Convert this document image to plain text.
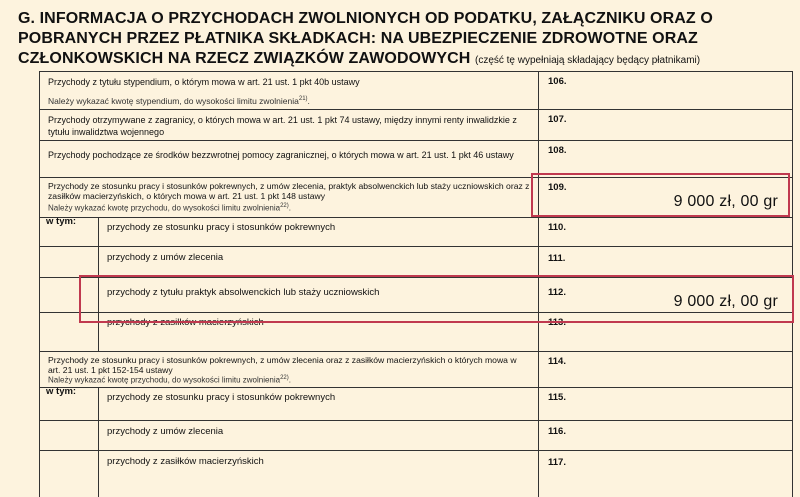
G. INFORMACJA O PRZYCHODACH ZWOLNIONYCH OD PODATKU, ZAŁĄCZNIKU ORAZ O POBRANYCH PRZEZ PŁATNIKA SKŁADKACH: NA UBEZPIECZENIE ZDROWOTNE ORAZ CZŁONKOWSKICH NA RZECZ ZWIĄZKÓW ZAWODOWYCH (część tę wypełniają składający będący płatnikami)
Przychody z tytułu stypendium, o którym mowa w art. 21 ust. 1 pkt 40b ustawy
Należy wykazać kwotę stypendium, do wysokości limitu zwolnienia$^{21)}$.
106.
Przychody otrzymywane z zagranicy, o których mowa w art. 21 ust. 1 pkt 74 ustawy, między innymi renty inwalidzkie z tytułu inwalidztwa wojennego
107.
Przychody pochodzące ze środków bezzwrotnej pomocy zagranicznej, o których mowa w art. 21 ust. 1 pkt 46 ustawy	108.
Przychody ze stosunku pracy i stosunków pokrewnych, z umów zlecenia, praktyk absolwenckich lub staży uczniowskich oraz z zasiłków macierzyńskich, o których mowa w art. 21 ust. 1 pkt 148 ustawy
Należy wykazać kwotę przychodu, do wysokości limitu zwolnienia$^{22)}$.
109.
9 000 zł, 00 gr
w tym:
przychody ze stosunku pracy i stosunków pokrewnych	110.
przychody z umów zlecenia	111.
przychody z tytułu praktyk absolwenckich lub staży uczniowskich	112.
9 000 zł, 00 gr
przychody z zasiłków macierzyńskich	113.
Przychody ze stosunku pracy i stosunków pokrewnych, z umów zlecenia oraz z zasiłków macierzyńskich o których mowa w art. 21 ust. 1 pkt 152-154 ustawy
Należy wykazać kwotę przychodu, do wysokości limitu zwolnienia$^{22)}$.
114.
w tym:
przychody ze stosunku pracy i stosunków pokrewnych	115.
przychody z umów zlecenia	116.
przychody z zasiłków macierzyńskich	117.
